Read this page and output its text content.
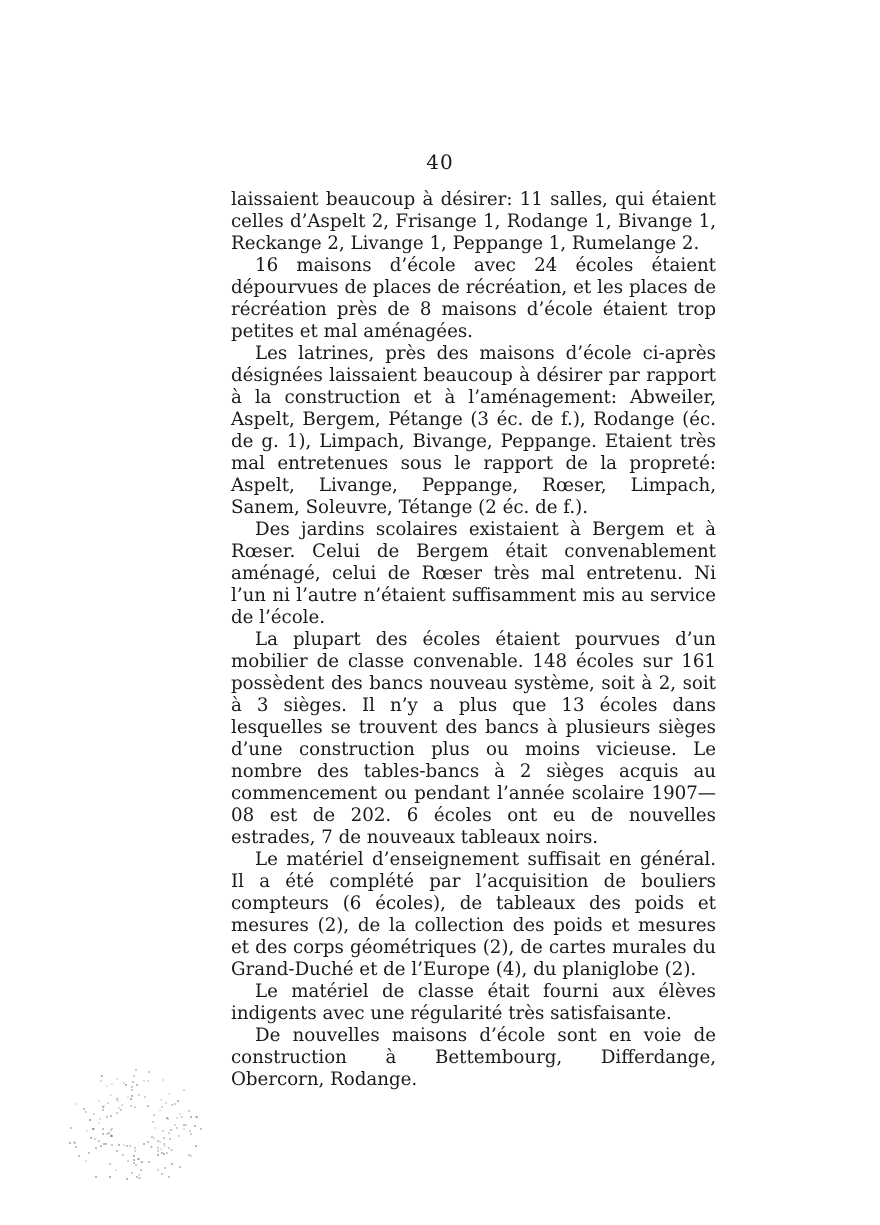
40

laissaient beaucoup à désirer: 11 salles, qui étaient celles d’Aspelt 2, Frisange 1, Rodange 1, Bivange 1, Reckange 2, Livange 1, Peppange 1, Rumelange 2.

16 maisons d’école avec 24 écoles étaient dépourvues de places de récréation, et les places de récréation près de 8 maisons d’école étaient trop petites et mal aménagées.

Les latrines, près des maisons d’école ci-après désignées laissaient beaucoup à désirer par rapport à la construction et à l’aménagement: Abweiler, Aspelt, Bergem, Pétange (3 éc. de f.), Rodange (éc. de g. 1), Limpach, Bivange, Peppange. Etaient très mal entretenues sous le rapport de la propreté: Aspelt, Livange, Peppange, Rœser, Limpach, Sanem, Soleuvre, Tétange (2 éc. de f.).

Des jardins scolaires existaient à Bergem et à Rœser. Celui de Bergem était convenablement aménagé, celui de Rœser très mal entretenu. Ni l’un ni l’autre n’étaient suffisamment mis au service de l’école.

La plupart des écoles étaient pourvues d’un mobilier de classe convenable. 148 écoles sur 161 possèdent des bancs nouveau système, soit à 2, soit à 3 sièges. Il n’y a plus que 13 écoles dans lesquelles se trouvent des bancs à plusieurs sièges d’une construction plus ou moins vicieuse. Le nombre des tables-bancs à 2 sièges acquis au commencement ou pendant l’année scolaire 1907—08 est de 202. 6 écoles ont eu de nouvelles estrades, 7 de nouveaux tableaux noirs.

Le matériel d’enseignement suffisait en général. Il a été complété par l’acquisition de bouliers compteurs (6 écoles), de tableaux des poids et mesures (2), de la collection des poids et mesures et des corps géométriques (2), de cartes murales du Grand-Duché et de l’Europe (4), du planiglobe (2).

Le matériel de classe était fourni aux élèves indigents avec une régularité très satisfaisante.

De nouvelles maisons d’école sont en voie de construction à Bettembourg, Differdange, Obercorn, Rodange.
